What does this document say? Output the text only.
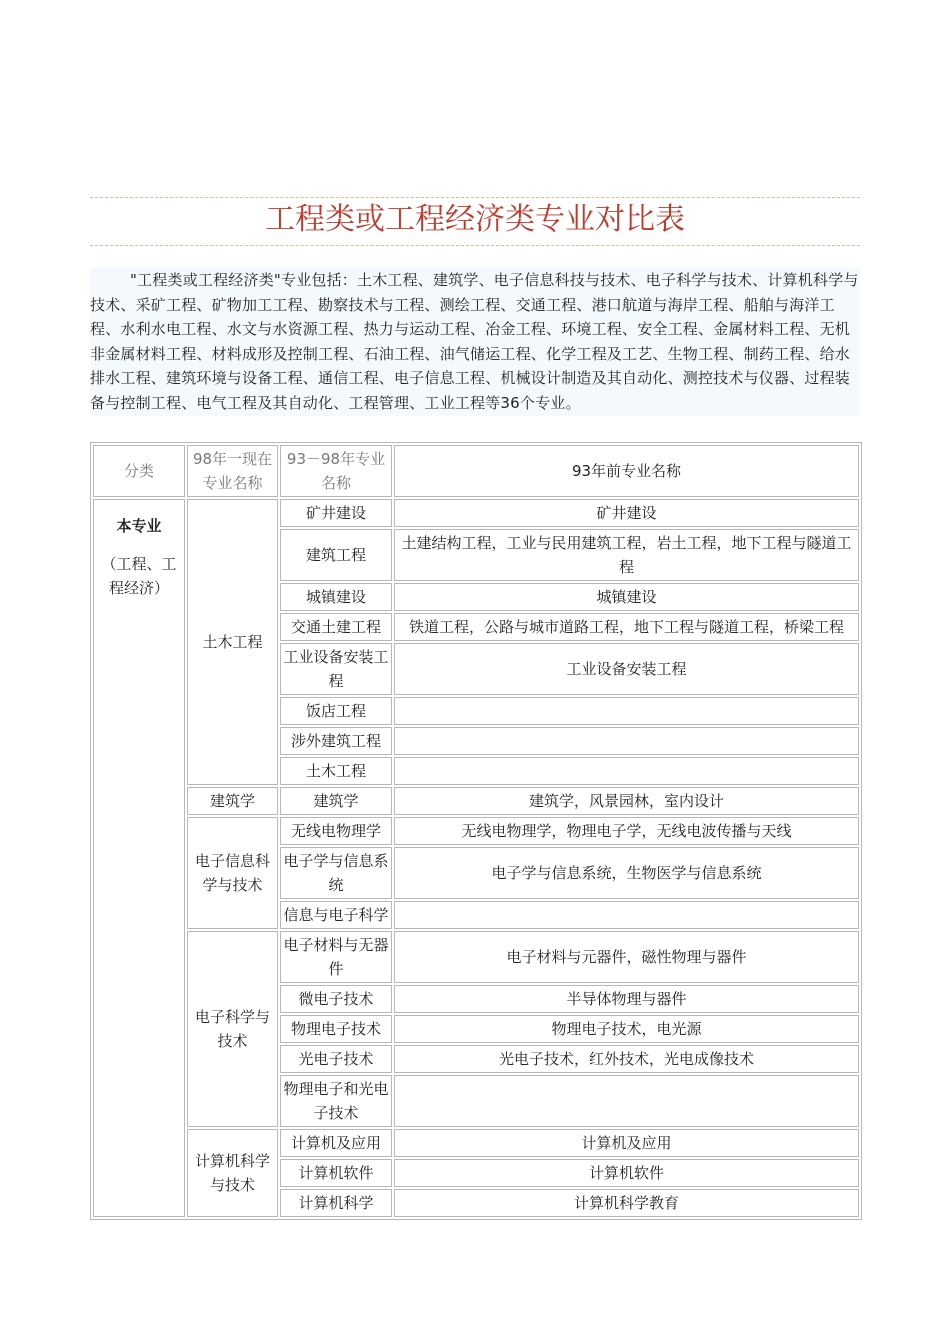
工程类或工程经济类专业对比表
"工程类或工程经济类"专业包括：土木工程、建筑学、电子信息科技与技术、电子科学与技术、计算机科学与技术、采矿工程、矿物加工工程、勘察技术与工程、测绘工程、交通工程、港口航道与海岸工程、船舶与海洋工程、水利水电工程、水文与水资源工程、热力与运动工程、冶金工程、环境工程、安全工程、金属材料工程、无机非金属材料工程、材料成形及控制工程、石油工程、油气储运工程、化学工程及工艺、生物工程、制药工程、给水排水工程、建筑环境与设备工程、通信工程、电子信息工程、机械设计制造及其自动化、测控技术与仪器、过程装备与控制工程、电气工程及其自动化、工程管理、工业工程等36个专业。
分类	98年一现在专业名称	93－98年专业名称	93年前专业名称

本专业
（工程、工程经济）	土木工程	矿井建设	矿井建设
		建筑工程	土建结构工程，工业与民用建筑工程，岩土工程，地下工程与隧道工程
		城镇建设	城镇建设
		交通土建工程	铁道工程，公路与城市道路工程，地下工程与隧道工程，桥梁工程
		工业设备安装工程	工业设备安装工程
		饭店工程	
		涉外建筑工程	
		土木工程	
	建筑学	建筑学	建筑学，风景园林，室内设计
	电子信息科学与技术	无线电物理学	无线电物理学，物理电子学，无线电波传播与天线
		电子学与信息系统	电子学与信息系统，生物医学与信息系统
		信息与电子科学	
	电子科学与技术	电子材料与无器件	电子材料与元器件，磁性物理与器件
		微电子技术	半导体物理与器件
		物理电子技术	物理电子技术，电光源
		光电子技术	光电子技术，红外技术，光电成像技术
		物理电子和光电子技术	
	计算机科学与技术	计算机及应用	计算机及应用
		计算机软件	计算机软件
		计算机科学	计算机科学教育
